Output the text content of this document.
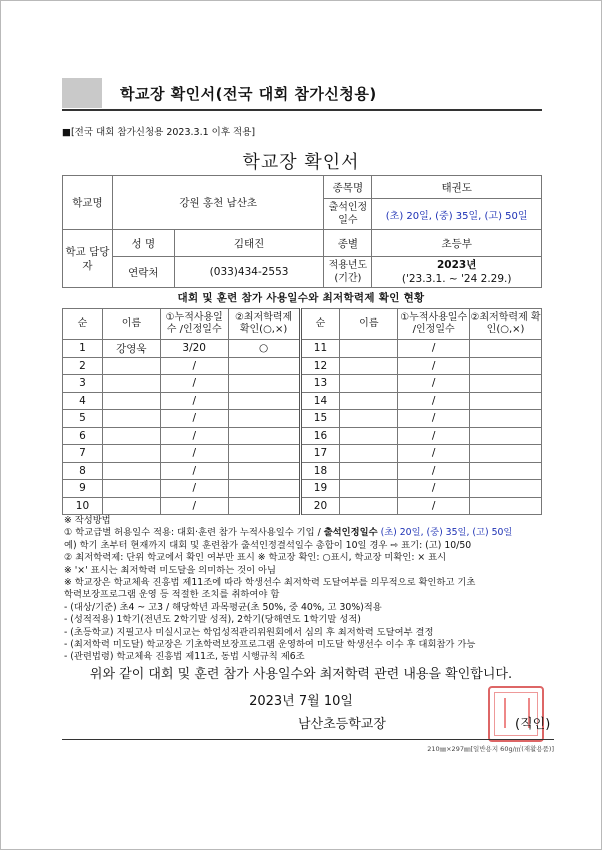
학교장 확인서(전국 대회 참가신청용)
■[전국 대회 참가신청용 2023.3.1 이후 적용]
학교장 확인서
학교명	강원 홍천 남산초		종목명	태권도
			출석인정일수	(초) 20일, (중) 35일, (고) 50일
학교 담당자	성 명	김태진	종별	초등부
	연락처	(033)434-2553	적용년도 (기간)	2023년
('23.3.1. ~ '24 2.29.)
대회 및 훈련 참가 사용일수와 최저학력제 확인 현황
순	이름	①누적사용일수 /인정일수	②최저학력제 확인(○,×)	순	이름	①누적사용일수 /인정일수	②최저학력제 확인(○,×)
1	강영욱	3/20	○	11		/	
2		/		12		/	
3		/		13		/	
4		/		14		/	
5		/		15		/	
6		/		16		/	
7		/		17		/	
8		/		18		/	
9		/		19		/	
10		/		20		/	
※ 작성방법
① 학교급별 허용일수 적용: 대회·훈련 참가 누적사용일수 기입 / 출석인정일수 (초) 20일, (중) 35일, (고) 50일
예) 학기 초부터 현재까지 대회 및 훈련참가 출석인정결석일수 총합이 10일 경우 ⇨ 표기: (고) 10/50
② 최저학력제: 단위 학교에서 확인 여부만 표시 ※ 학교장 확인: ○표시, 학교장 미확인: × 표시
※ '×' 표시는 최저학력 미도달을 의미하는 것이 아님
※ 학교장은 학교체육 진흥법 제11조에 따라 학생선수 최저학력 도달여부를 의무적으로 확인하고 기초
학력보장프로그램 운영 등 적절한 조치를 취하여야 함
- (대상/기준) 초4 ~ 고3 / 해당학년 과목평균(초 50%, 중 40%, 고 30%)적용
- (성적적용) 1학기(전년도 2학기말 성적), 2학기(당해연도 1학기말 성적)
- (초등학교) 지필고사 미실시교는 학업성적관리위원회에서 심의 후 최저학력 도달여부 결정
- (최저학력 미도달) 학교장은 기초학력보장프로그램 운영하여 미도달 학생선수 이수 후 대회참가 가능
- (관련법령) 학교체육 진흥법 제11조, 동법 시행규칙 제6조
위와 같이 대회 및 훈련 참가 사용일수와 최저학력 관련 내용을 확인합니다.
2023년 7월 10일
남산초등학교장	(직인)
210㎜×297㎜[일반용지 60g/㎡(재활용품)]
